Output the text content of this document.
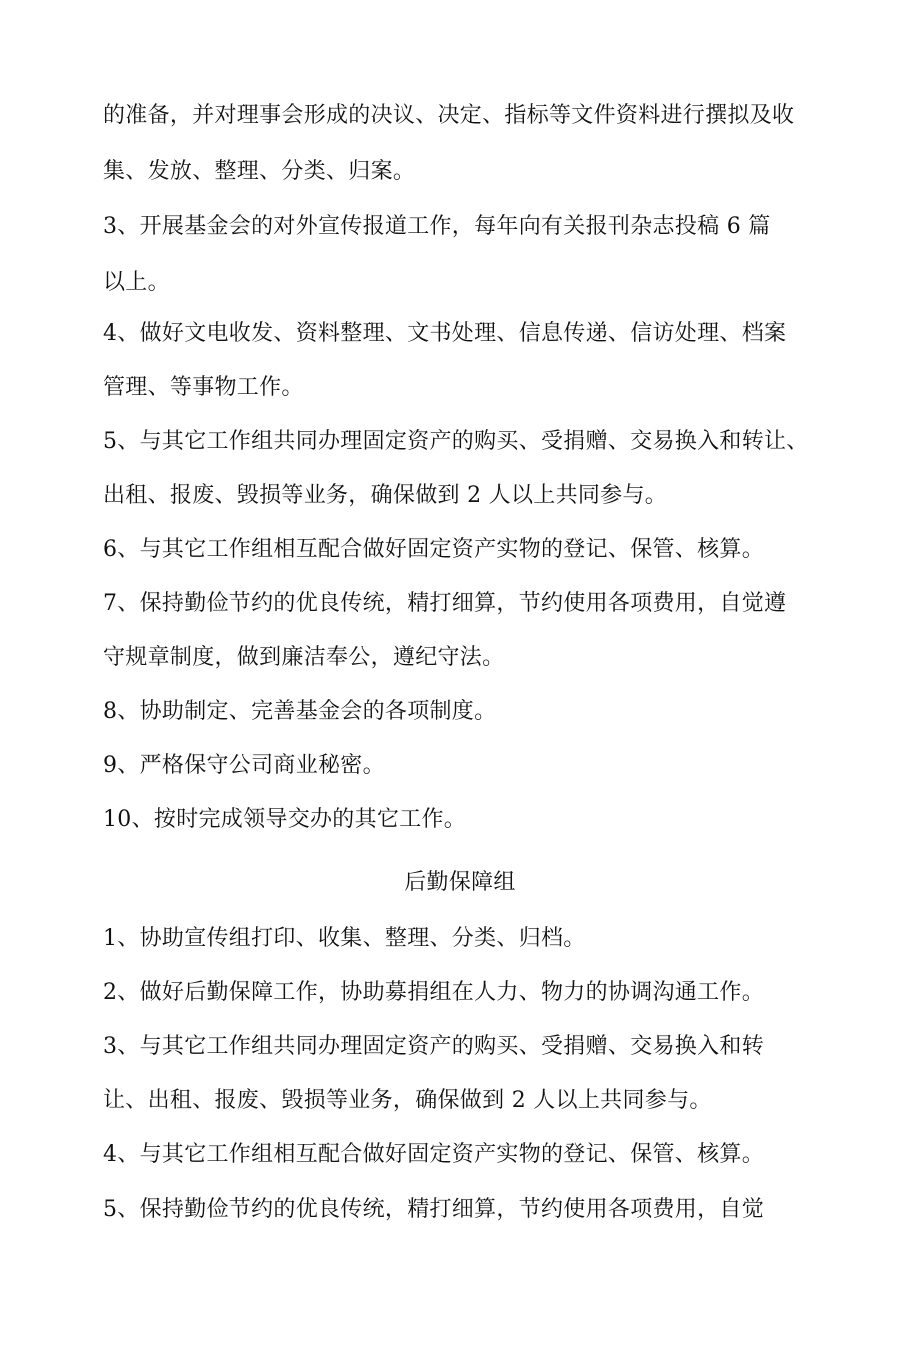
的准备，并对理事会形成的决议、决定、指标等文件资料进行撰拟及收
集、发放、整理、分类、归案。
3、开展基金会的对外宣传报道工作，每年向有关报刊杂志投稿 6 篇
以上。
4、做好文电收发、资料整理、文书处理、信息传递、信访处理、档案
管理、等事物工作。
5、与其它工作组共同办理固定资产的购买、受捐赠、交易换入和转让、
出租、报废、毁损等业务，确保做到 2 人以上共同参与。
6、与其它工作组相互配合做好固定资产实物的登记、保管、核算。
7、保持勤俭节约的优良传统，精打细算，节约使用各项费用，自觉遵
守规章制度，做到廉洁奉公，遵纪守法。
8、协助制定、完善基金会的各项制度。
9、严格保守公司商业秘密。
10、按时完成领导交办的其它工作。
后勤保障组
1、协助宣传组打印、收集、整理、分类、归档。
2、做好后勤保障工作，协助募捐组在人力、物力的协调沟通工作。
3、与其它工作组共同办理固定资产的购买、受捐赠、交易换入和转
让、出租、报废、毁损等业务，确保做到 2 人以上共同参与。
4、与其它工作组相互配合做好固定资产实物的登记、保管、核算。
5、保持勤俭节约的优良传统，精打细算，节约使用各项费用，自觉
